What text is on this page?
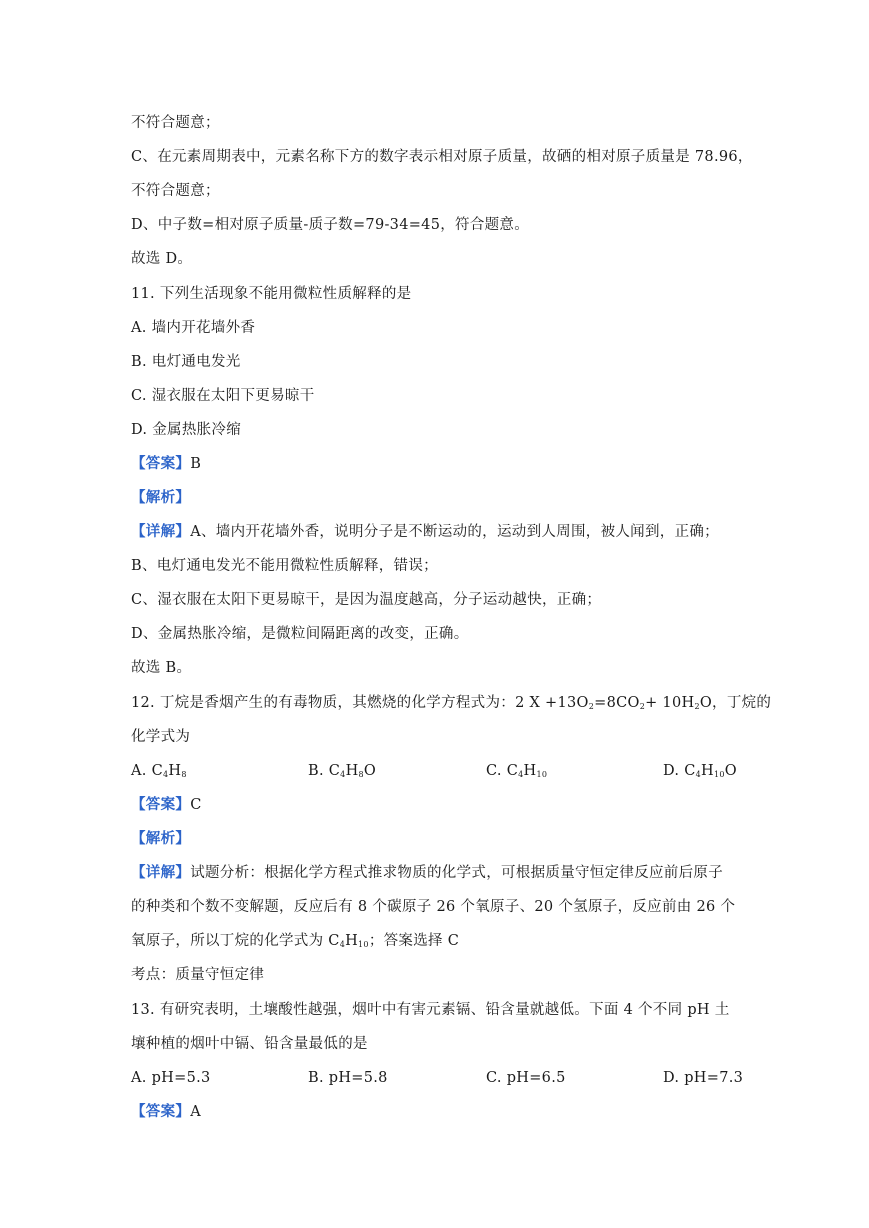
不符合题意；
C、在元素周期表中，元素名称下方的数字表示相对原子质量，故硒的相对原子质量是 78.96，
不符合题意；
D、中子数=相对原子质量-质子数=79-34=45，符合题意。
故选 D。
11. 下列生活现象不能用微粒性质解释的是
A. 墙内开花墙外香
B. 电灯通电发光
C. 湿衣服在太阳下更易晾干
D. 金属热胀冷缩
【答案】B
【解析】
【详解】A、墙内开花墙外香，说明分子是不断运动的，运动到人周围，被人闻到，正确；
B、电灯通电发光不能用微粒性质解释，错误；
C、湿衣服在太阳下更易晾干，是因为温度越高，分子运动越快，正确；
D、金属热胀冷缩，是微粒间隔距离的改变，正确。
故选 B。
12. 丁烷是香烟产生的有毒物质，其燃烧的化学方程式为：2 $X +13O_2=8CO_2+ 10H_2O$，丁烷的
化学式为
A. $C_4H_8$	B. $C_4H_8O$	C. $C_4H_{10}$	D. $C_4H_{10}O$
【答案】C
【解析】
【详解】试题分析：根据化学方程式推求物质的化学式，可根据质量守恒定律反应前后原子
的种类和个数不变解题，反应后有 8 个碳原子 26 个氧原子、20 个氢原子，反应前由 26 个
氧原子，所以丁烷的化学式为 $C_4H_{10}$；答案选择 C
考点：质量守恒定律
13. 有研究表明，土壤酸性越强，烟叶中有害元素镉、铅含量就越低。下面 4 个不同 pH 土
壤种植的烟叶中镉、铅含量最低的是
A. pH=5.3	B. pH=5.8	C. pH=6.5	D. pH=7.3
【答案】A
